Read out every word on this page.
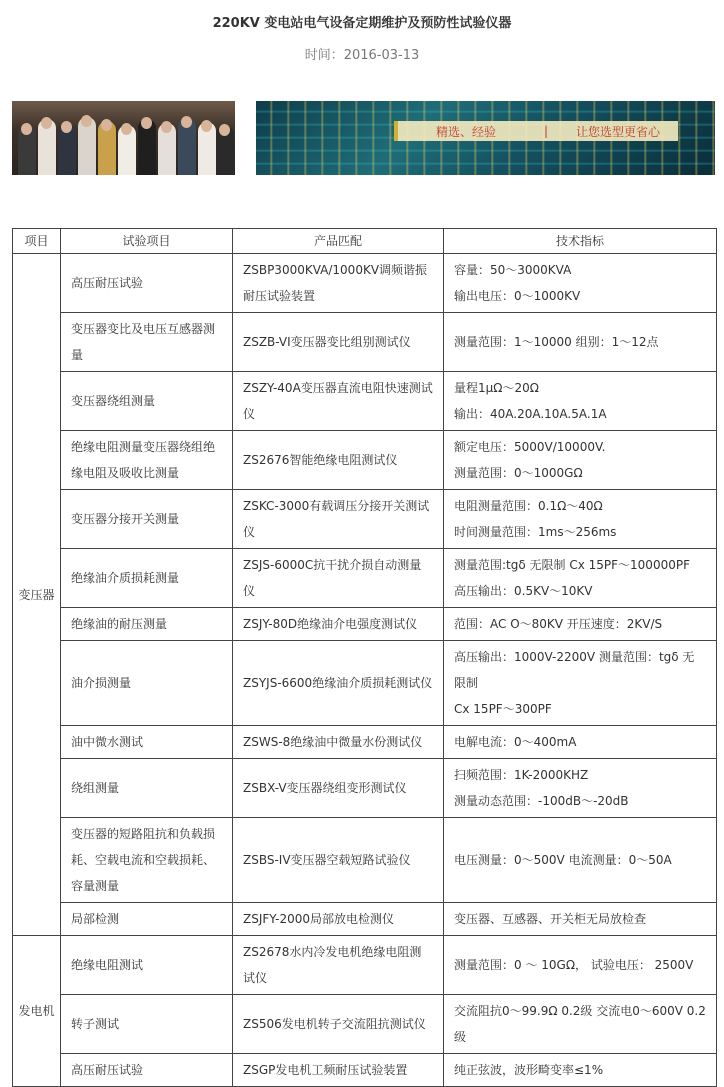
220KV 变电站电气设备定期维护及预防性试验仪器
时间：2016-03-13
精选、经验	|	让您选型更省心
项目	试验项目	产品匹配	技术指标
变压器	高压耐压试验	ZSBP3000KVA/1000KV调频谐振耐压试验装置	容量：50～3000KVA
输出电压：0～1000KV

	变压器变比及电压互感器测量	ZSZB-VI变压器变比组别测试仪	测量范围：1～10000 组别：1～12点

	变压器绕组测量	ZSZY-40A变压器直流电阻快速测试仪	量程1μΩ～20Ω
输出：40A.20A.10A.5A.1A

	绝缘电阻测量变压器绕组绝缘电阻及吸收比测量	ZS2676智能绝缘电阻测试仪	额定电压：5000V/10000V.
测量范围：0～1000GΩ

	变压器分接开关测量	ZSKC-3000有载调压分接开关测试仪	电阻测量范围：0.1Ω～40Ω
时间测量范围：1ms～256ms

	绝缘油介质损耗测量	ZSJS-6000C抗干扰介损自动测量仪	测量范围:tgδ 无限制 Cx 15PF～100000PF
高压输出：0.5KV～10KV

	绝缘油的耐压测量	ZSJY-80D绝缘油介电强度测试仪	范围：AC O～80KV 开压速度：2KV/S

	油介损测量	ZSYJS-6600绝缘油介质损耗测试仪	高压输出：1000V-2200V 测量范围：tgδ 无限制
Cx 15PF～300PF

	油中微水测试	ZSWS-8绝缘油中微量水份测试仪	电解电流：0～400mA

	绕组测量	ZSBX-V变压器绕组变形测试仪	扫频范围：1K-2000KHZ
测量动态范围：-100dB～-20dB

	变压器的短路阻抗和负载损耗、空载电流和空载损耗、容量测量	ZSBS-IV变压器空载短路试验仪	电压测量：0～500V 电流测量：0～50A

	局部检测	ZSJFY-2000局部放电检测仪	变压器、互感器、开关柜无局放检查

发电机	绝缘电阻测试	ZS2678水内冷发电机绝缘电阻测试仪	测量范围：0 ～ 10GΩ， 试验电压： 2500V

	转子测试	ZS506发电机转子交流阻抗测试仪	交流阻抗0～99.9Ω 0.2级 交流电0～600V 0.2级

	高压耐压试验	ZSGP发电机工频耐压试验装置	纯正弦波，波形畸变率≤1%
